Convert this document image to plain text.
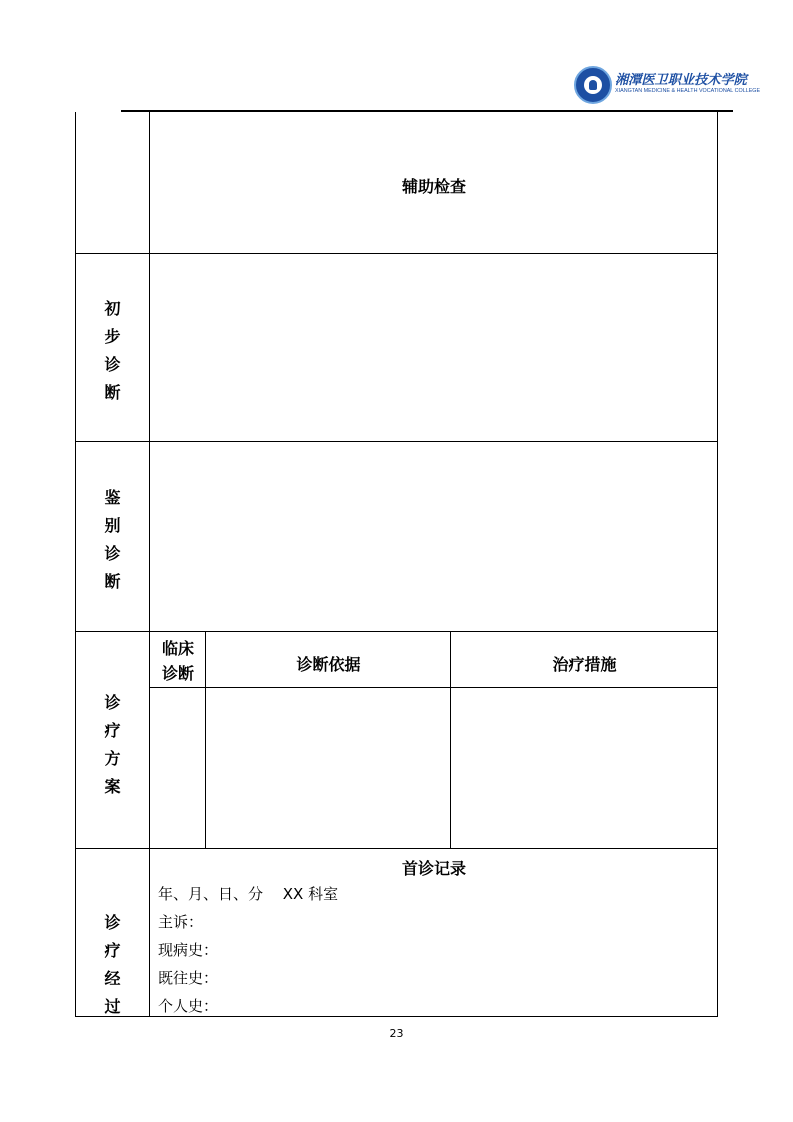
湘潭医卫职业技术学院
XIANGTAN MEDICINE & HEALTH VOCATIONAL COLLEGE
辅助检查
初
步
诊
断
鉴
别
诊
断
诊
疗
方
案
临床
诊断	诊断依据	治疗措施
诊
疗
经
过
首诊记录
年、月、日、分　 XX 科室
主诉：
现病史：
既往史：
个人史：
23
